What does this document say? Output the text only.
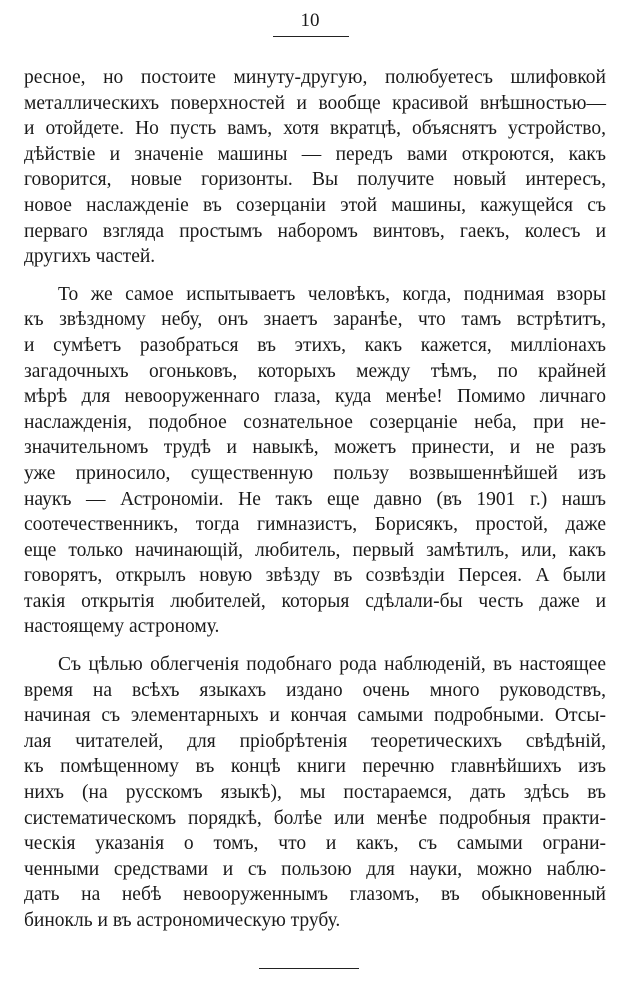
10
ресное, но постоите минуту-другую, полюбуетесъ шлифовкой
металлическихъ поверхностей и вообще красивой внѣшностью—
и отойдете. Но пусть вамъ, хотя вкратцѣ, объяснятъ устройство,
дѣйствіе и значеніе машины — передъ вами откроются, какъ
говорится, новые горизонты. Вы получите новый интересъ,
новое наслажденіе въ созерцаніи этой машины, кажущейся съ
перваго взгляда простымъ наборомъ винтовъ, гаекъ, колесъ и
другихъ частей.
То же самое испытываетъ человѣкъ, когда, поднимая взоры
къ звѣздному небу, онъ знаетъ заранѣе, что тамъ встрѣтитъ,
и сумѣетъ разобраться въ этихъ, какъ кажется, милліонахъ
загадочныхъ огоньковъ, которыхъ между тѣмъ, по крайней
мѣрѣ для невооруженнаго глаза, куда менѣе! Помимо личнаго
наслажденія, подобное сознательное созерцаніе неба, при не-
значительномъ трудѣ и навыкѣ, можетъ принести, и не разъ
уже приносило, существенную пользу возвышеннѣйшей изъ
наукъ — Астрономіи. Не такъ еще давно (въ 1901 г.) нашъ
соотечественникъ, тогда гимназистъ, Борисякъ, простой, даже
еще только начинающій, любитель, первый замѣтилъ, или, какъ
говорятъ, открылъ новую звѣзду въ созвѣздіи Персея. А были
такія открытія любителей, которыя сдѣлали-бы честь даже и
настоящему астроному.
Съ цѣлью облегченія подобнаго рода наблюденій, въ настоящее
время на всѣхъ языкахъ издано очень много руководствъ,
начиная съ элементарныхъ и кончая самыми подробными. Отсы-
лая читателей, для пріобрѣтенія теоретическихъ свѣдѣній,
къ помѣщенному въ концѣ книги перечню главнѣйшихъ изъ
нихъ (на русскомъ языкѣ), мы постараемся, дать здѣсь въ
систематическомъ порядкѣ, болѣе или менѣе подробныя практи-
ческія указанія о томъ, что и какъ, съ самыми ограни-
ченными средствами и съ пользою для науки, можно наблю-
дать на небѣ невооруженнымъ глазомъ, въ обыкновенный
бинокль и въ астрономическую трубу.
